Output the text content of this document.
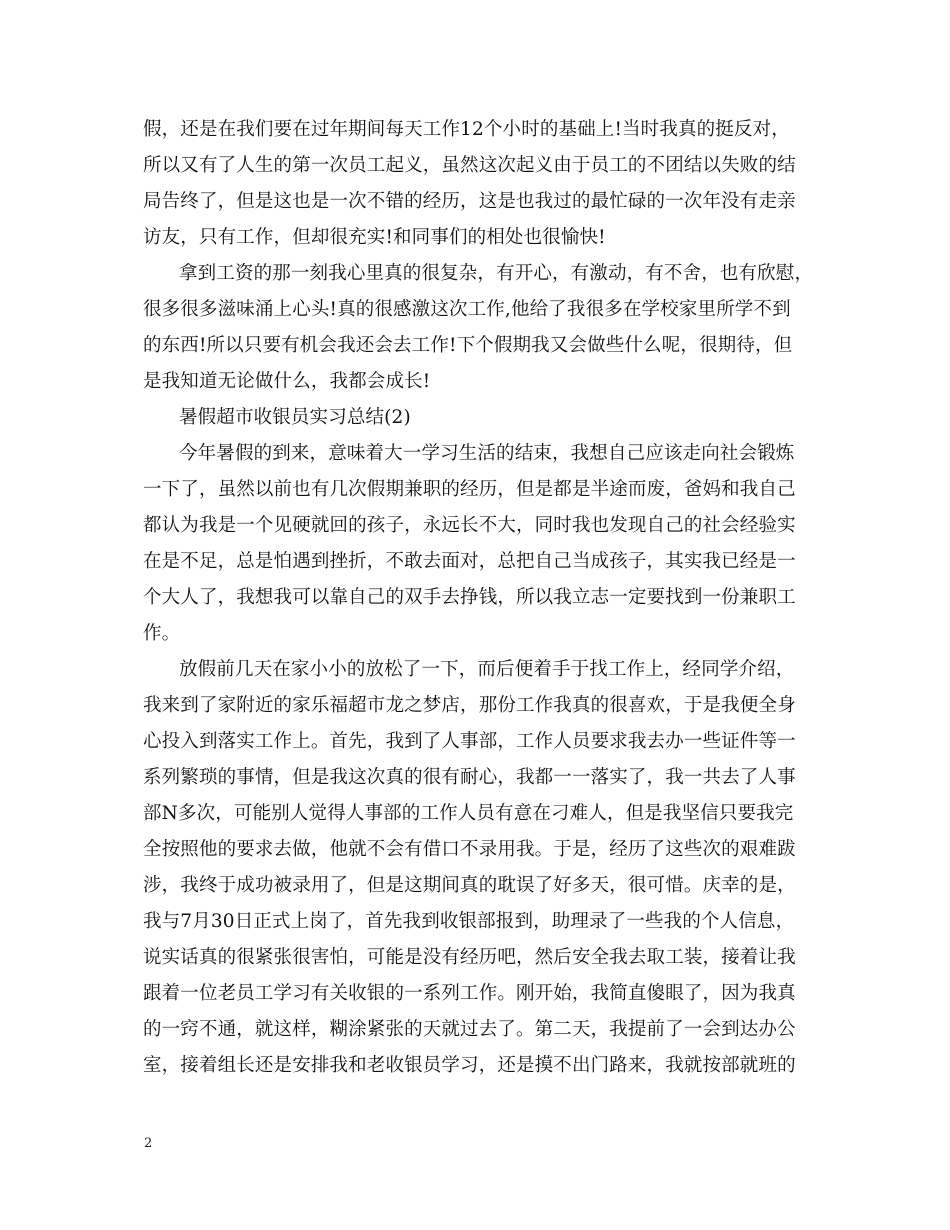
假，还是在我们要在过年期间每天工作12个小时的基础上!当时我真的挺反对，
所以又有了人生的第一次员工起义，虽然这次起义由于员工的不团结以失败的结
局告终了，但是这也是一次不错的经历，这是也我过的最忙碌的一次年没有走亲
访友，只有工作，但却很充实!和同事们的相处也很愉快!
拿到工资的那一刻我心里真的很复杂，有开心，有激动，有不舍，也有欣慰，
很多很多滋味涌上心头!真的很感激这次工作,他给了我很多在学校家里所学不到
的东西!所以只要有机会我还会去工作!下个假期我又会做些什么呢，很期待，但
是我知道无论做什么，我都会成长!
暑假超市收银员实习总结(2)
今年暑假的到来，意味着大一学习生活的结束，我想自己应该走向社会锻炼
一下了，虽然以前也有几次假期兼职的经历，但是都是半途而废，爸妈和我自己
都认为我是一个见硬就回的孩子，永远长不大，同时我也发现自己的社会经验实
在是不足，总是怕遇到挫折，不敢去面对，总把自己当成孩子，其实我已经是一
个大人了，我想我可以靠自己的双手去挣钱，所以我立志一定要找到一份兼职工
作。
放假前几天在家小小的放松了一下，而后便着手于找工作上，经同学介绍，
我来到了家附近的家乐福超市龙之梦店，那份工作我真的很喜欢，于是我便全身
心投入到落实工作上。首先，我到了人事部，工作人员要求我去办一些证件等一
系列繁琐的事情，但是我这次真的很有耐心，我都一一落实了，我一共去了人事
部N多次，可能别人觉得人事部的工作人员有意在刁难人，但是我坚信只要我完
全按照他的要求去做，他就不会有借口不录用我。于是，经历了这些次的艰难跋
涉，我终于成功被录用了，但是这期间真的耽误了好多天，很可惜。庆幸的是，
我与7月30日正式上岗了，首先我到收银部报到，助理录了一些我的个人信息，
说实话真的很紧张很害怕，可能是没有经历吧，然后安全我去取工装，接着让我
跟着一位老员工学习有关收银的一系列工作。刚开始，我简直傻眼了，因为我真
的一窍不通，就这样，糊涂紧张的天就过去了。第二天，我提前了一会到达办公
室，接着组长还是安排我和老收银员学习，还是摸不出门路来，我就按部就班的
2
